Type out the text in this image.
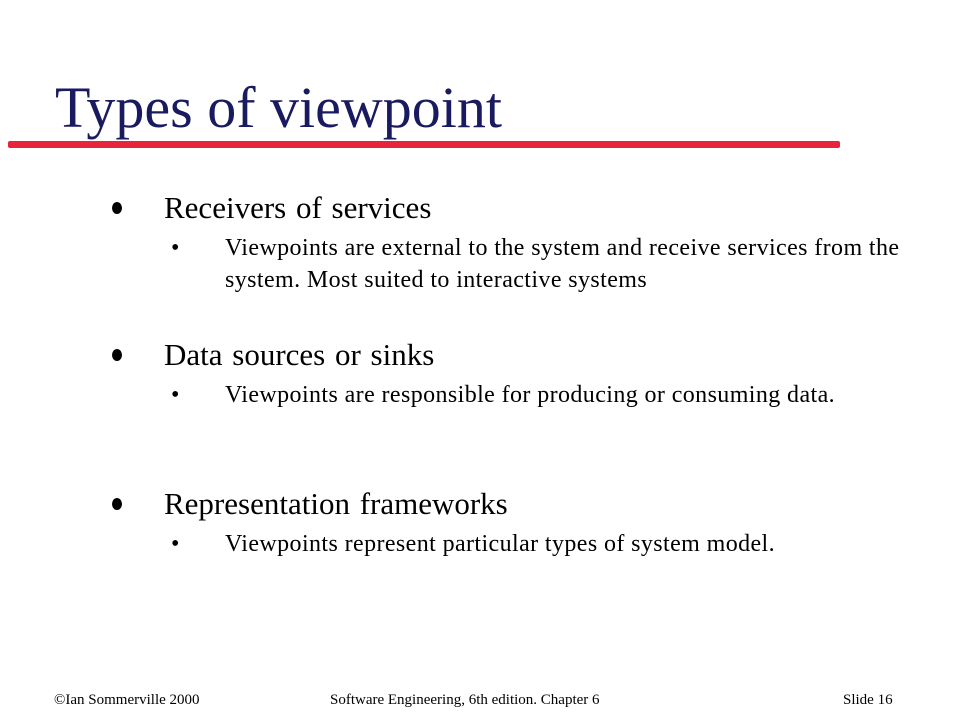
Types of viewpoint
Receivers of services
• Viewpoints are external to the system and receive services from the system. Most suited to interactive systems
Data sources or sinks
• Viewpoints are responsible for producing or consuming data.
Representation frameworks
• Viewpoints represent particular types of system model.
©Ian Sommerville 2000	Software Engineering, 6th edition. Chapter 6	Slide 16
